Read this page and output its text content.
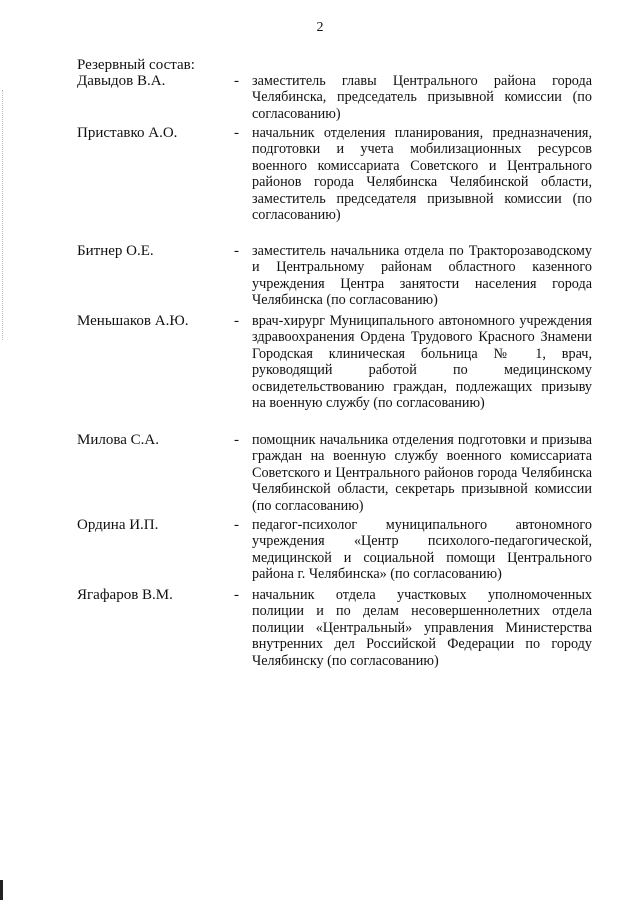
2
Резервный состав:
Давыдов В.А.	- заместитель главы Центрального района города Челябинска, председатель призывной комиссии (по согласованию)
Приставко А.О.	- начальник отделения планирования, предназначения, подготовки и учета мобилизационных ресурсов военного комиссариата Советского и Центрального районов города Челябинска Челябинской области, заместитель председателя призывной комиссии (по согласованию)
Битнер О.Е.	- заместитель начальника отдела по Тракторозаводскому и Центральному районам областного казенного учреждения Центра занятости населения города Челябинска (по согласованию)
Меньшаков А.Ю.	- врач-хирург Муниципального автономного учреждения здравоохранения Ордена Трудового Красного Знамени Городская клиническая больница № 1, врач, руководящий работой по медицинскому освидетельствованию граждан, подлежащих призыву на военную службу (по согласованию)
Милова С.А.	- помощник начальника отделения подготовки и призыва граждан на военную службу военного комиссариата Советского и Центрального районов города Челябинска Челябинской области, секретарь призывной комиссии (по согласованию)
Ордина И.П.	- педагог-психолог муниципального автономного учреждения «Центр психолого-педагогической, медицинской и социальной помощи Центрального района г. Челябинска» (по согласованию)
Ягафаров В.М.	- начальник отдела участковых уполномоченных полиции и по делам несовершеннолетних отдела полиции «Центральный» управления Министерства внутренних дел Российской Федерации по городу Челябинску (по согласованию)
